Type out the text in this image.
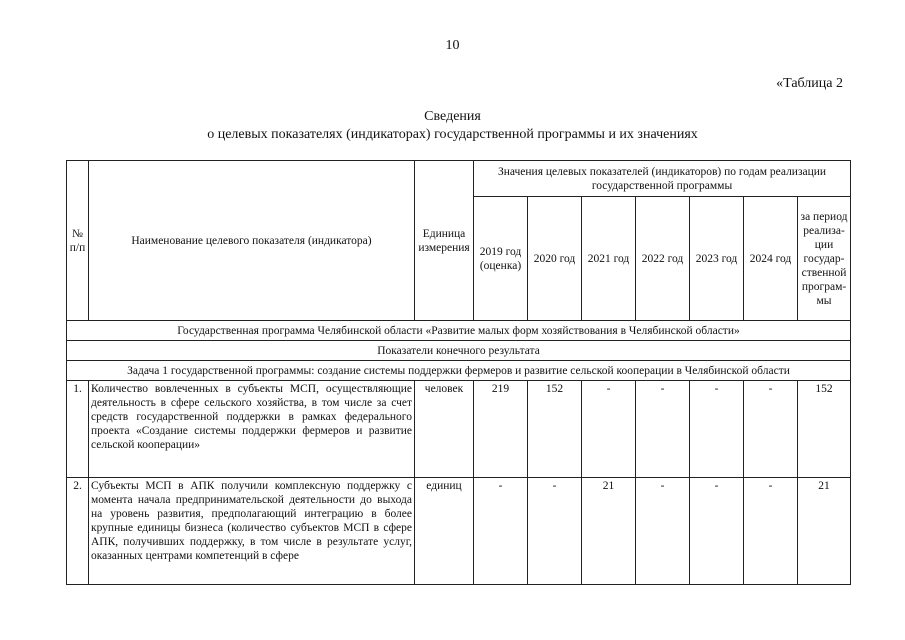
10
«Таблица 2
Сведения
о целевых показателях (индикаторах) государственной программы и их значениях
№ п/п	Наименование целевого показателя (индикатора)	Единица измерения	Значения целевых показателей (индикаторов) по годам реализации государственной программы						
			2019 год (оценка)	2020 год	2021 год	2022 год	2023 год	2024 год	за период реализа-ции государ-ственной програм-мы
Государственная программа Челябинской области «Развитие малых форм хозяйствования в Челябинской области»									
Показатели конечного результата									
Задача 1 государственной программы: создание системы поддержки фермеров и развитие сельской кооперации в Челябинской области									
1.	Количество вовлеченных в субъекты МСП, осуществляющие деятельность в сфере сельского хозяйства, в том числе за счет средств государственной поддержки в рамках федерального проекта «Создание системы поддержки фермеров и развитие сельской кооперации»	человек	219	152	-	-	-	-	152
2.	Субъекты МСП в АПК получили комплексную поддержку с момента начала предпринимательской деятельности до выхода на уровень развития, предполагающий интеграцию в более крупные единицы бизнеса (количество субъектов МСП в сфере АПК, получивших поддержку, в том числе в результате услуг, оказанных центрами компетенций в сфере	единиц	-	-	21	-	-	-	21
